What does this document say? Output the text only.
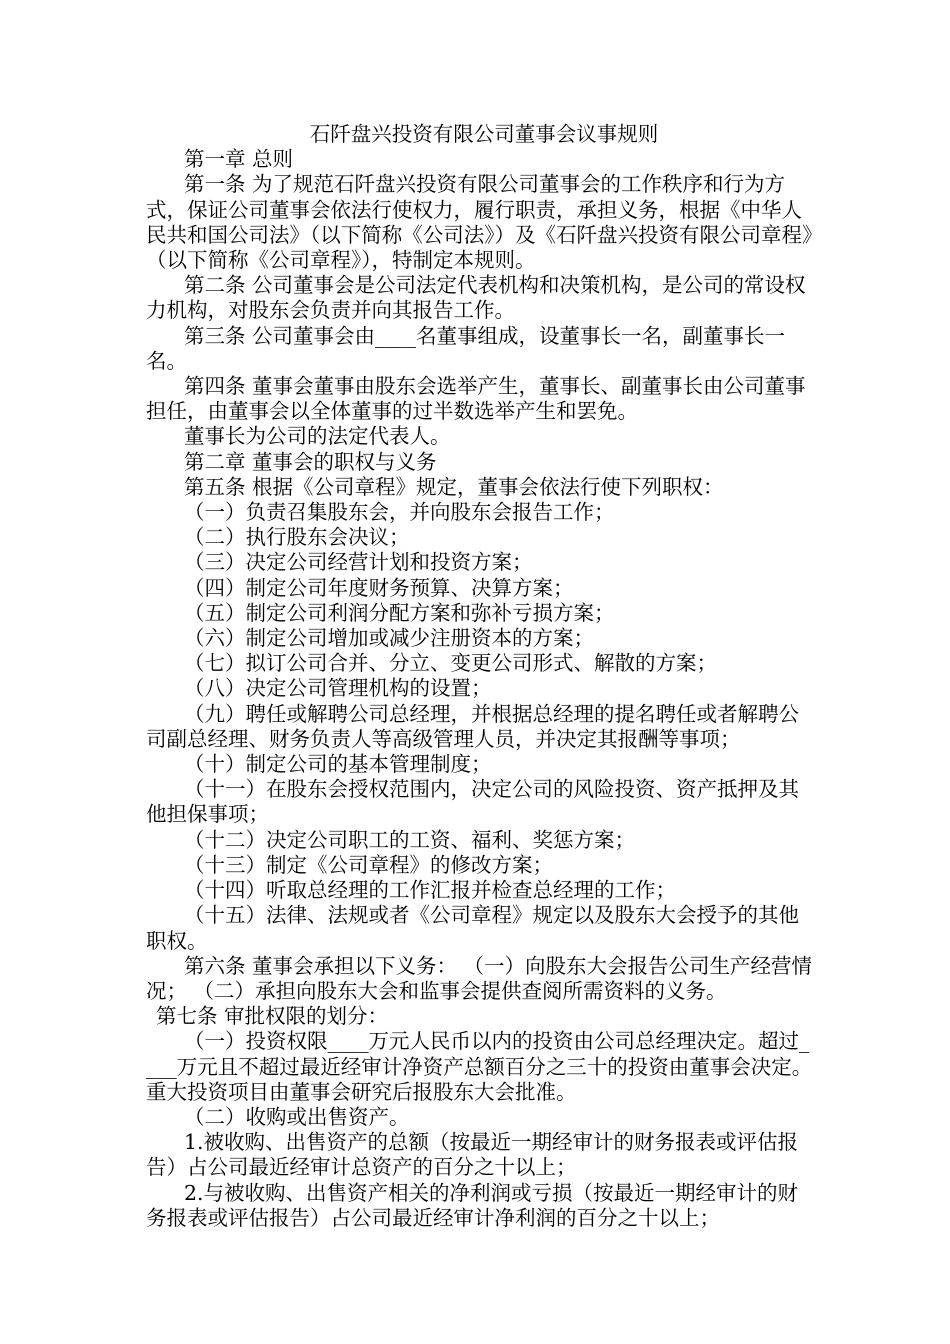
石阡盘兴投资有限公司董事会议事规则

第一章 总则

第一条 为了规范石阡盘兴投资有限公司董事会的工作秩序和行为方式，保证公司董事会依法行使权力，履行职责，承担义务，根据《中华人民共和国公司法》（以下简称《公司法》）及《石阡盘兴投资有限公司章程》（以下简称《公司章程》），特制定本规则。

第二条 公司董事会是公司法定代表机构和决策机构，是公司的常设权力机构，对股东会负责并向其报告工作。

第三条 公司董事会由____名董事组成，设董事长一名，副董事长一名。

第四条 董事会董事由股东会选举产生，董事长、副董事长由公司董事担任，由董事会以全体董事的过半数选举产生和罢免。

董事长为公司的法定代表人。

第二章 董事会的职权与义务

第五条 根据《公司章程》规定，董事会依法行使下列职权：

（一）负责召集股东会，并向股东会报告工作；

（二）执行股东会决议；

（三）决定公司经营计划和投资方案；

（四）制定公司年度财务预算、决算方案；

（五）制定公司利润分配方案和弥补亏损方案；

（六）制定公司增加或减少注册资本的方案；

（七）拟订公司合并、分立、变更公司形式、解散的方案；

（八）决定公司管理机构的设置；

（九）聘任或解聘公司总经理，并根据总经理的提名聘任或者解聘公司副总经理、财务负责人等高级管理人员，并决定其报酬等事项；

（十）制定公司的基本管理制度；

（十一）在股东会授权范围内，决定公司的风险投资、资产抵押及其他担保事项；

（十二）决定公司职工的工资、福利、奖惩方案；

（十三）制定《公司章程》的修改方案；

（十四）听取总经理的工作汇报并检查总经理的工作；

（十五）法律、法规或者《公司章程》规定以及股东大会授予的其他职权。

第六条 董事会承担以下义务： （一）向股东大会报告公司生产经营情况； （二）承担向股东大会和监事会提供查阅所需资料的义务。

第七条 审批权限的划分：

（一）投资权限____万元人民币以内的投资由公司总经理决定。超过____万元且不超过最近经审计净资产总额百分之三十的投资由董事会决定。重大投资项目由董事会研究后报股东大会批准。

（二）收购或出售资产。

1.被收购、出售资产的总额（按最近一期经审计的财务报表或评估报告）占公司最近经审计总资产的百分之十以上；

2.与被收购、出售资产相关的净利润或亏损（按最近一期经审计的财务报表或评估报告）占公司最近经审计净利润的百分之十以上；
